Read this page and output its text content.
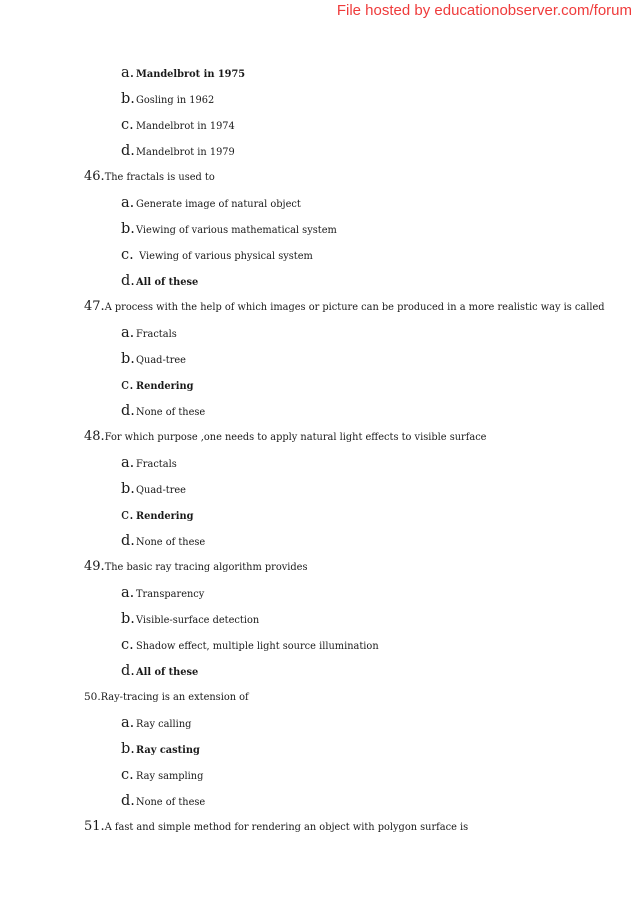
File hosted by educationobserver.com/forum
a. Mandelbrot in 1975
b.Gosling in 1962
c. Mandelbrot in 1974
d.Mandelbrot in 1979
46.The fractals is used to
a. Generate image of natural object
b.Viewing of various mathematical system
c. Viewing of various physical system
d.All of these
47.A process with the help of which images or picture can be produced in a more realistic way is called
a. Fractals
b.Quad-tree
c. Rendering
d.None of these
48.For which purpose ,one needs to apply natural light effects to visible surface
a. Fractals
b.Quad-tree
c. Rendering
d.None of these
49.The basic ray tracing algorithm provides
a. Transparency
b.Visible-surface detection
c. Shadow effect, multiple light source illumination
d.All of these
50.Ray-tracing is an extension of
a. Ray calling
b.Ray casting
c. Ray sampling
d.None of these
51.A fast and simple method for rendering an object with polygon surface is
